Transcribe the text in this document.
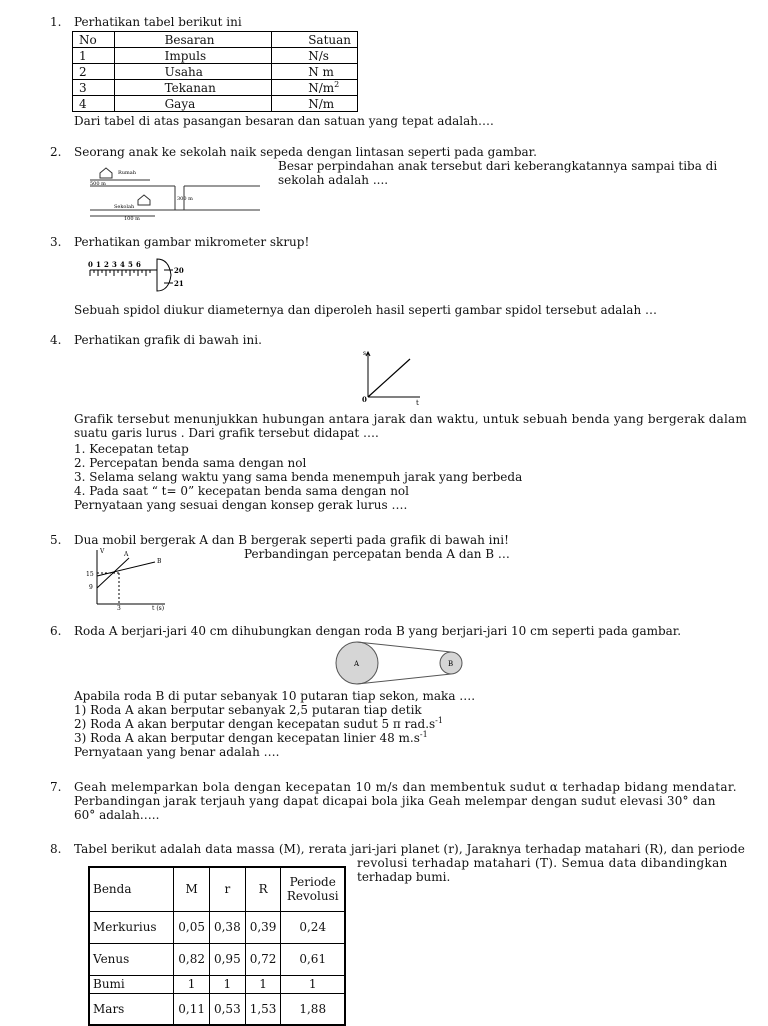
1. Perhatikan tabel berikut ini
No	Besaran	Satuan
1	Impuls	N/s
2	Usaha	N m
3	Tekanan	$N/m^2$
4	Gaya	N/m
Dari tabel di atas pasangan besaran dan satuan yang tepat adalah….
2. Seorang anak ke sekolah naik sepeda dengan lintasan seperti pada gambar.
Besar perpindahan anak tersebut dari keberangkatannya sampai tiba di
sekolah adalah ....
Rumah
Sekolah
500 m
300 m
100 m
3. Perhatikan gambar mikrometer skrup!
0 1 2 3 4 5 6
20
21
Sebuah spidol diukur diameternya dan diperoleh hasil seperti gambar spidol tersebut adalah …
4. Perhatikan grafik di bawah ini.
s
t
0
Grafik tersebut menunjukkan hubungan antara jarak dan waktu, untuk sebuah benda yang bergerak dalam
suatu garis lurus . Dari grafik tersebut didapat ….
1. Kecepatan tetap
2. Percepatan benda sama dengan nol
3. Selama selang waktu yang sama benda menempuh jarak yang berbeda
4. Pada saat “ t= 0” kecepatan benda sama dengan nol
Pernyataan yang sesuai dengan konsep gerak lurus ….
5. Dua mobil bergerak A dan B bergerak seperti pada grafik di bawah ini!
Perbandingan percepatan benda A dan B …
V
t (s)
A
B
15
9
3
6. Roda A berjari-jari 40 cm dihubungkan dengan roda B yang berjari-jari 10 cm seperti pada gambar.
A	B
Apabila roda B di putar sebanyak 10 putaran tiap sekon, maka ….
1) Roda A akan berputar sebanyak 2,5 putaran tiap detik
2) Roda A akan berputar dengan kecepatan sudut 5 π $rad.s^{-1}$
3) Roda A akan berputar dengan kecepatan linier 48 $m.s^{-1}$
Pernyataan yang benar adalah ….
7. Geah melemparkan bola dengan kecepatan 10 m/s dan membentuk sudut α terhadap bidang mendatar.
Perbandingan jarak terjauh yang dapat dicapai bola jika Geah melempar dengan sudut elevasi 30° dan
60° adalah…..
8. Tabel berikut adalah data massa (M), rerata jari-jari planet (r), Jaraknya terhadap matahari (R), dan periode
revolusi terhadap matahari (T). Semua data dibandingkan
terhadap bumi.
Benda	M	r	R	Periode Revolusi
Merkurius	0,05	0,38	0,39	0,24
Venus	0,82	0,95	0,72	0,61
Bumi	1	1	1	1
Mars	0,11	0,53	1,53	1,88
